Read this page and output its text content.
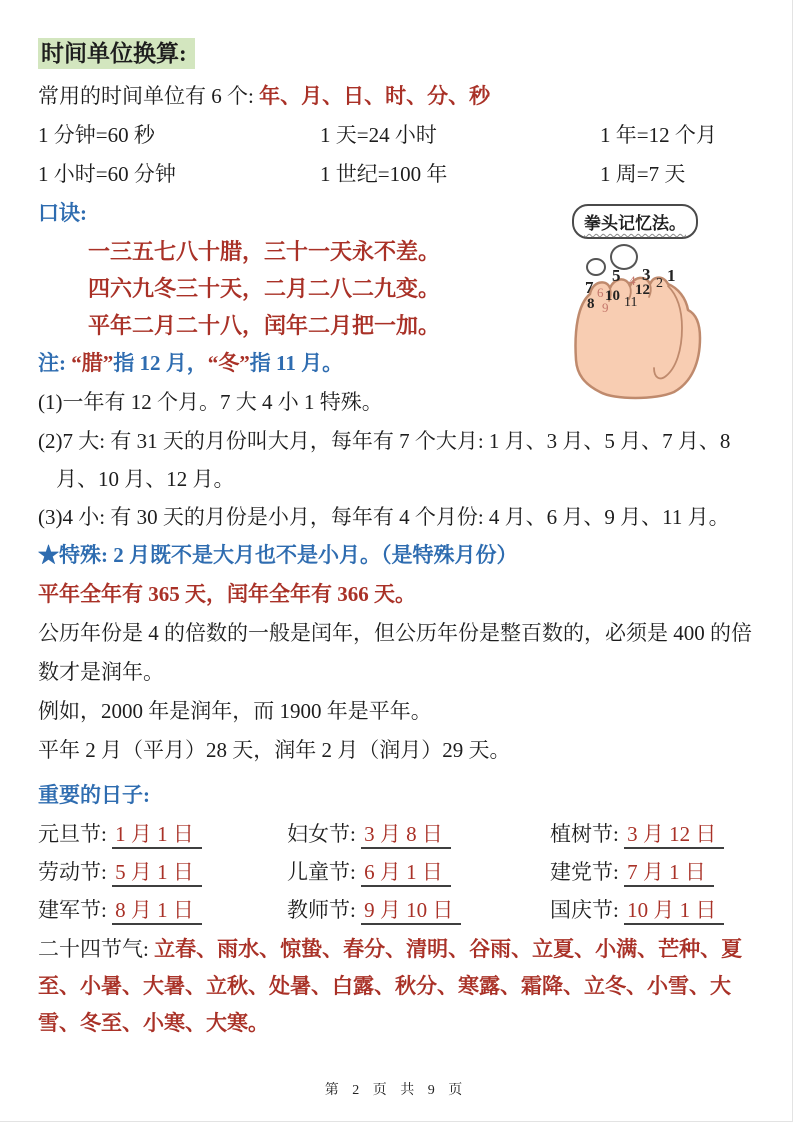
时间单位换算:

常用的时间单位有 6 个: 年、月、日、时、分、秒

1 分钟=60 秒	1 天=24 小时	1 年=12 个月
1 小时=60 分钟	1 世纪=100 年	1 周=7 天

口诀:

一三五七八十腊，三十一天永不差。

四六九冬三十天，二月二八二九变。

平年二月二十八，闰年二月把一加。

注: “腊”指 12 月，“冬”指 11 月。

(1)一年有 12 个月。7 大 4 小 1 特殊。

(2)7 大: 有 31 天的月份叫大月，每年有 7 个大月: 1 月、3 月、5 月、7 月、8 月、10 月、12 月。

(3)4 小: 有 30 天的月份是小月，每年有 4 个月份: 4 月、6 月、9 月、11 月。

★特殊: 2 月既不是大月也不是小月。（是特殊月份）

平年全年有 365 天，闰年全年有 366 天。

公历年份是 4 的倍数的一般是闰年，但公历年份是整百数的，必须是 400 的倍数才是润年。

例如，2000 年是润年，而 1900 年是平年。

平年 2 月（平月）28 天，润年 2 月（润月）29 天。

重要的日子:

元旦节: 1 月 1 日	妇女节: 3 月 8 日	植树节: 3 月 12 日
劳动节: 5 月 1 日	儿童节: 6 月 1 日	建党节: 7 月 1 日
建军节: 8 月 1 日	教师节: 9 月 10 日	国庆节: 10 月 1 日

二十四节气: 立春、雨水、惊蛰、春分、清明、谷雨、立夏、小满、芒种、夏至、小暑、大暑、立秋、处暑、白露、秋分、寒露、霜降、立冬、小雪、大雪、冬至、小寒、大寒。

第 2 页 共 9 页
拳头记忆法。
7 6
8 9
5
10
4
11
3
12 2 1
